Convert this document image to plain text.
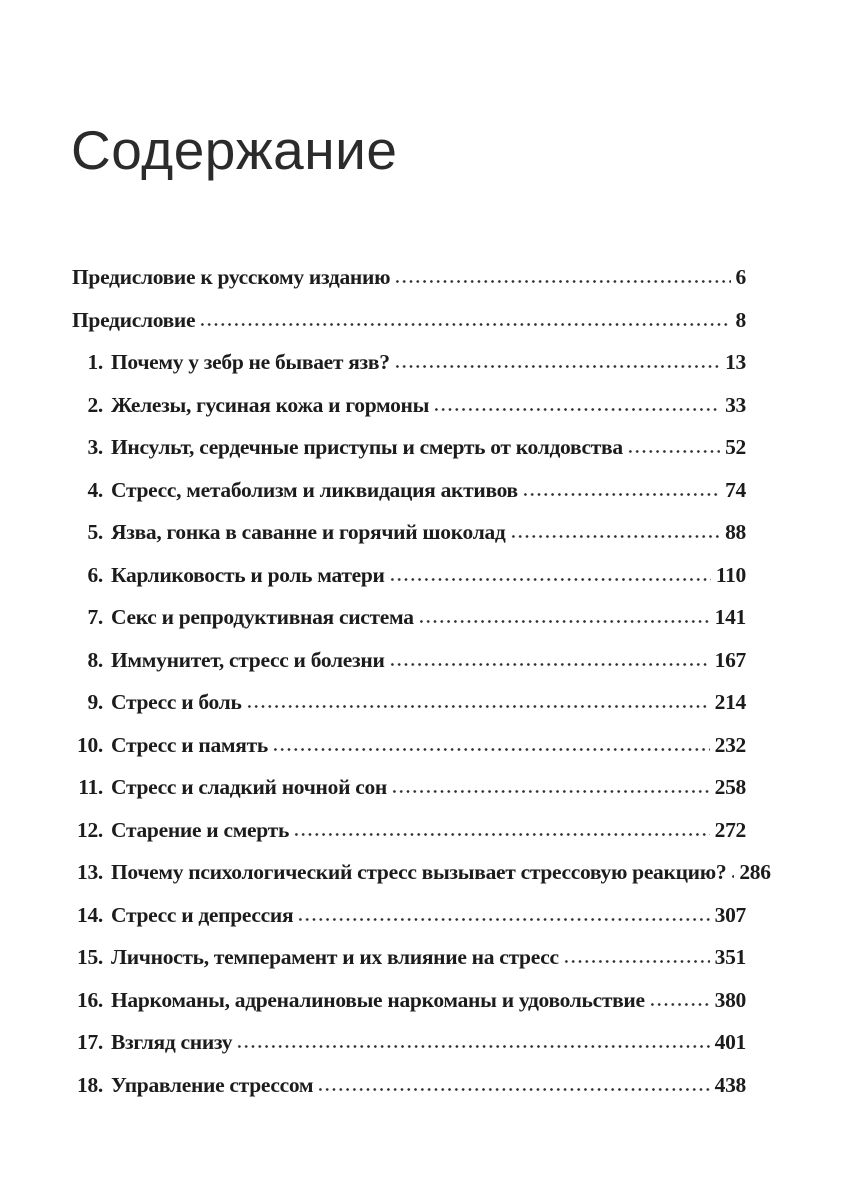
Содержание
Предисловие к русскому изданию	6
Предисловие	8
1. Почему у зебр не бывает язв?	13
2. Железы, гусиная кожа и гормоны	33
3. Инсульт, сердечные приступы и смерть от колдовства	52
4. Стресс, метаболизм и ликвидация активов	74
5. Язва, гонка в саванне и горячий шоколад	88
6. Карликовость и роль матери	110
7. Секс и репродуктивная система	141
8. Иммунитет, стресс и болезни	167
9. Стресс и боль	214
10. Стресс и память	232
11. Стресс и сладкий ночной сон	258
12. Старение и смерть	272
13. Почему психологический стресс вызывает стрессовую реакцию? 286
14. Стресс и депрессия	307
15. Личность, темперамент и их влияние на стресс	351
16. Наркоманы, адреналиновые наркоманы и удовольствие	380
17. Взгляд снизу	401
18. Управление стрессом	438
